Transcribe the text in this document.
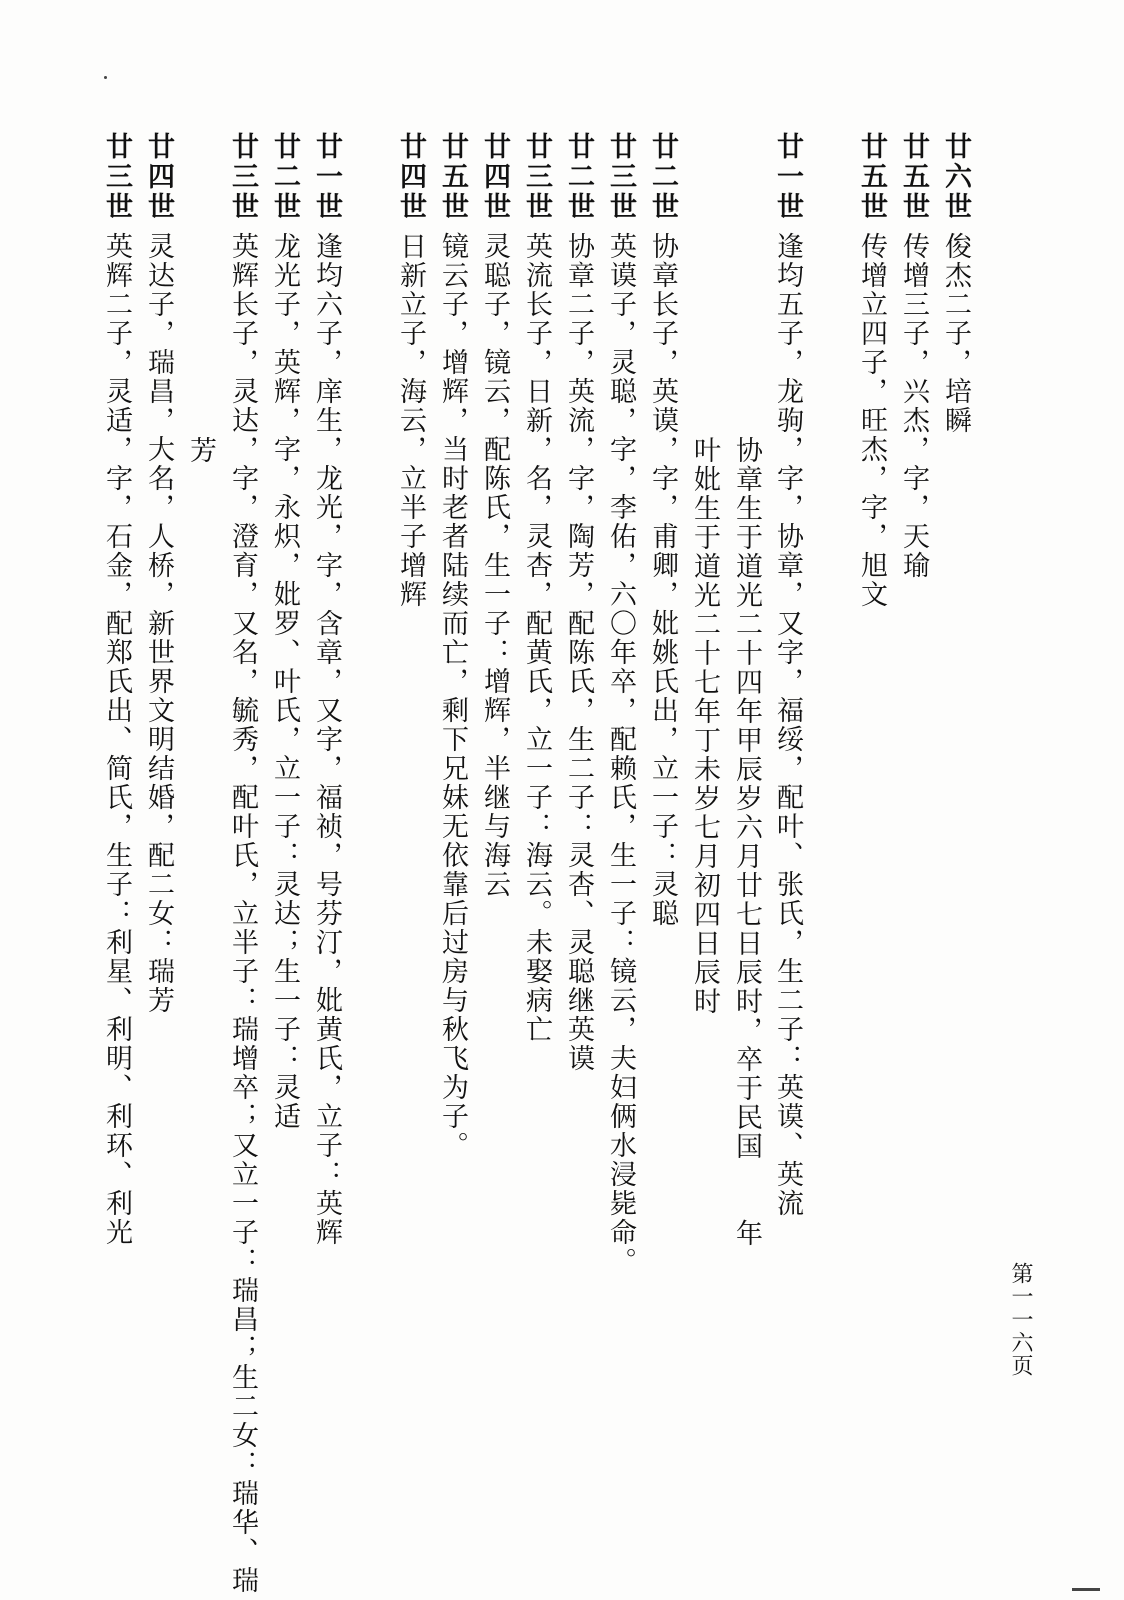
廿六世
俊杰二子，培瞬
廿五世
传增三子，兴杰，字，天瑜
廿五世
传增立四子，旺杰，字，旭文
廿一世
逢均五子，龙驹，字，协章，又字，福绥，配叶、张氏，生二子：英谟、英流
协章生于道光二十四年甲辰岁六月廿七日辰时，卒于民国　　年
叶妣生于道光二十七年丁未岁七月初四日辰时
廿二世
协章长子，英谟，字，甫卿，妣姚氏出，立一子：灵聪
廿三世
英谟子，灵聪，字，李佑，六〇年卒，配赖氏，生一子：镜云，夫妇俩水浸毙命。
廿二世
协章二子，英流，字，陶芳，配陈氏，生二子：灵杏、灵聪继英谟
廿三世
英流长子，日新，名，灵杏，配黄氏，立一子：海云。未娶病亡
廿四世
灵聪子，镜云，配陈氏，生一子：增辉，半继与海云
廿五世
镜云子，增辉，当时老者陆续而亡，剩下兄妹无依靠后过房与秋飞为子。
廿四世
日新立子，海云，立半子增辉
廿一世
逢均六子，庠生，龙光，字，含章，又字，福祯，号芬汀，妣黄氏，立子：英辉
廿二世
龙光子，英辉，字，永炽，妣罗、叶氏，立一子：灵达；生一子：灵适
廿三世
英辉长子，灵达，字，澄育，又名，毓秀，配叶氏，立半子：瑞增卒；又立一子：瑞昌；生二女：瑞华、瑞
芳
廿四世
灵达子，瑞昌，大名，人桥，新世界文明结婚，配二女：瑞芳
廿三世
英辉二子，灵适，字，石金，配郑氏出、简氏，生子：利星、利明、利环、利光
第一一六页
